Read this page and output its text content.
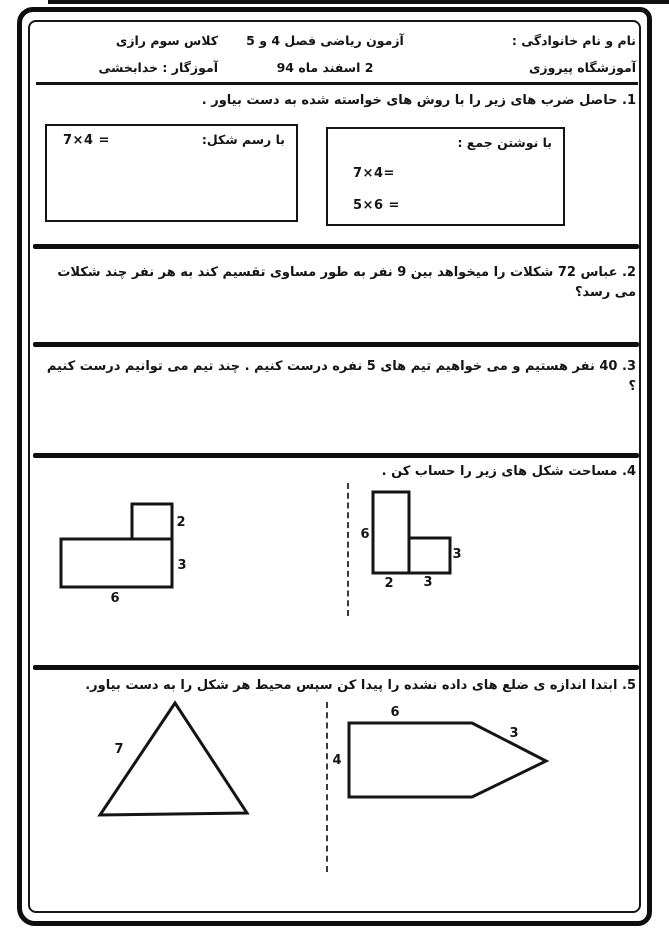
نام و نام خانوادگی :
آموزشگاه پیروزی
آزمون ریاضی فصل 4 و 5
2 اسفند ماه 94
کلاس سوم رازی
آموزگار : خدابخشی
1. حاصل ضرب های زیر را با روش های خواسته شده به دست بیاور .
با نوشتن جمع :
7×4=
5×6 =
با رسم شکل:
7×4 =
2. عباس 72 شکلات را میخواهد بین 9 نفر به طور مساوی تقسیم کند به هر نفر چند شکلات می رسد؟
3. 40 نفر هستیم و می خواهیم تیم های 5 نفره درست کنیم . چند تیم می توانیم درست کنیم ؟
4. مساحت شکل های زیر را حساب کن .
6
2 3
3
2
3
6
5. ابتدا اندازه ی ضلع های داده نشده را پیدا کن سپس محیط هر شکل را به دست بیاور.
7
6
3
4
